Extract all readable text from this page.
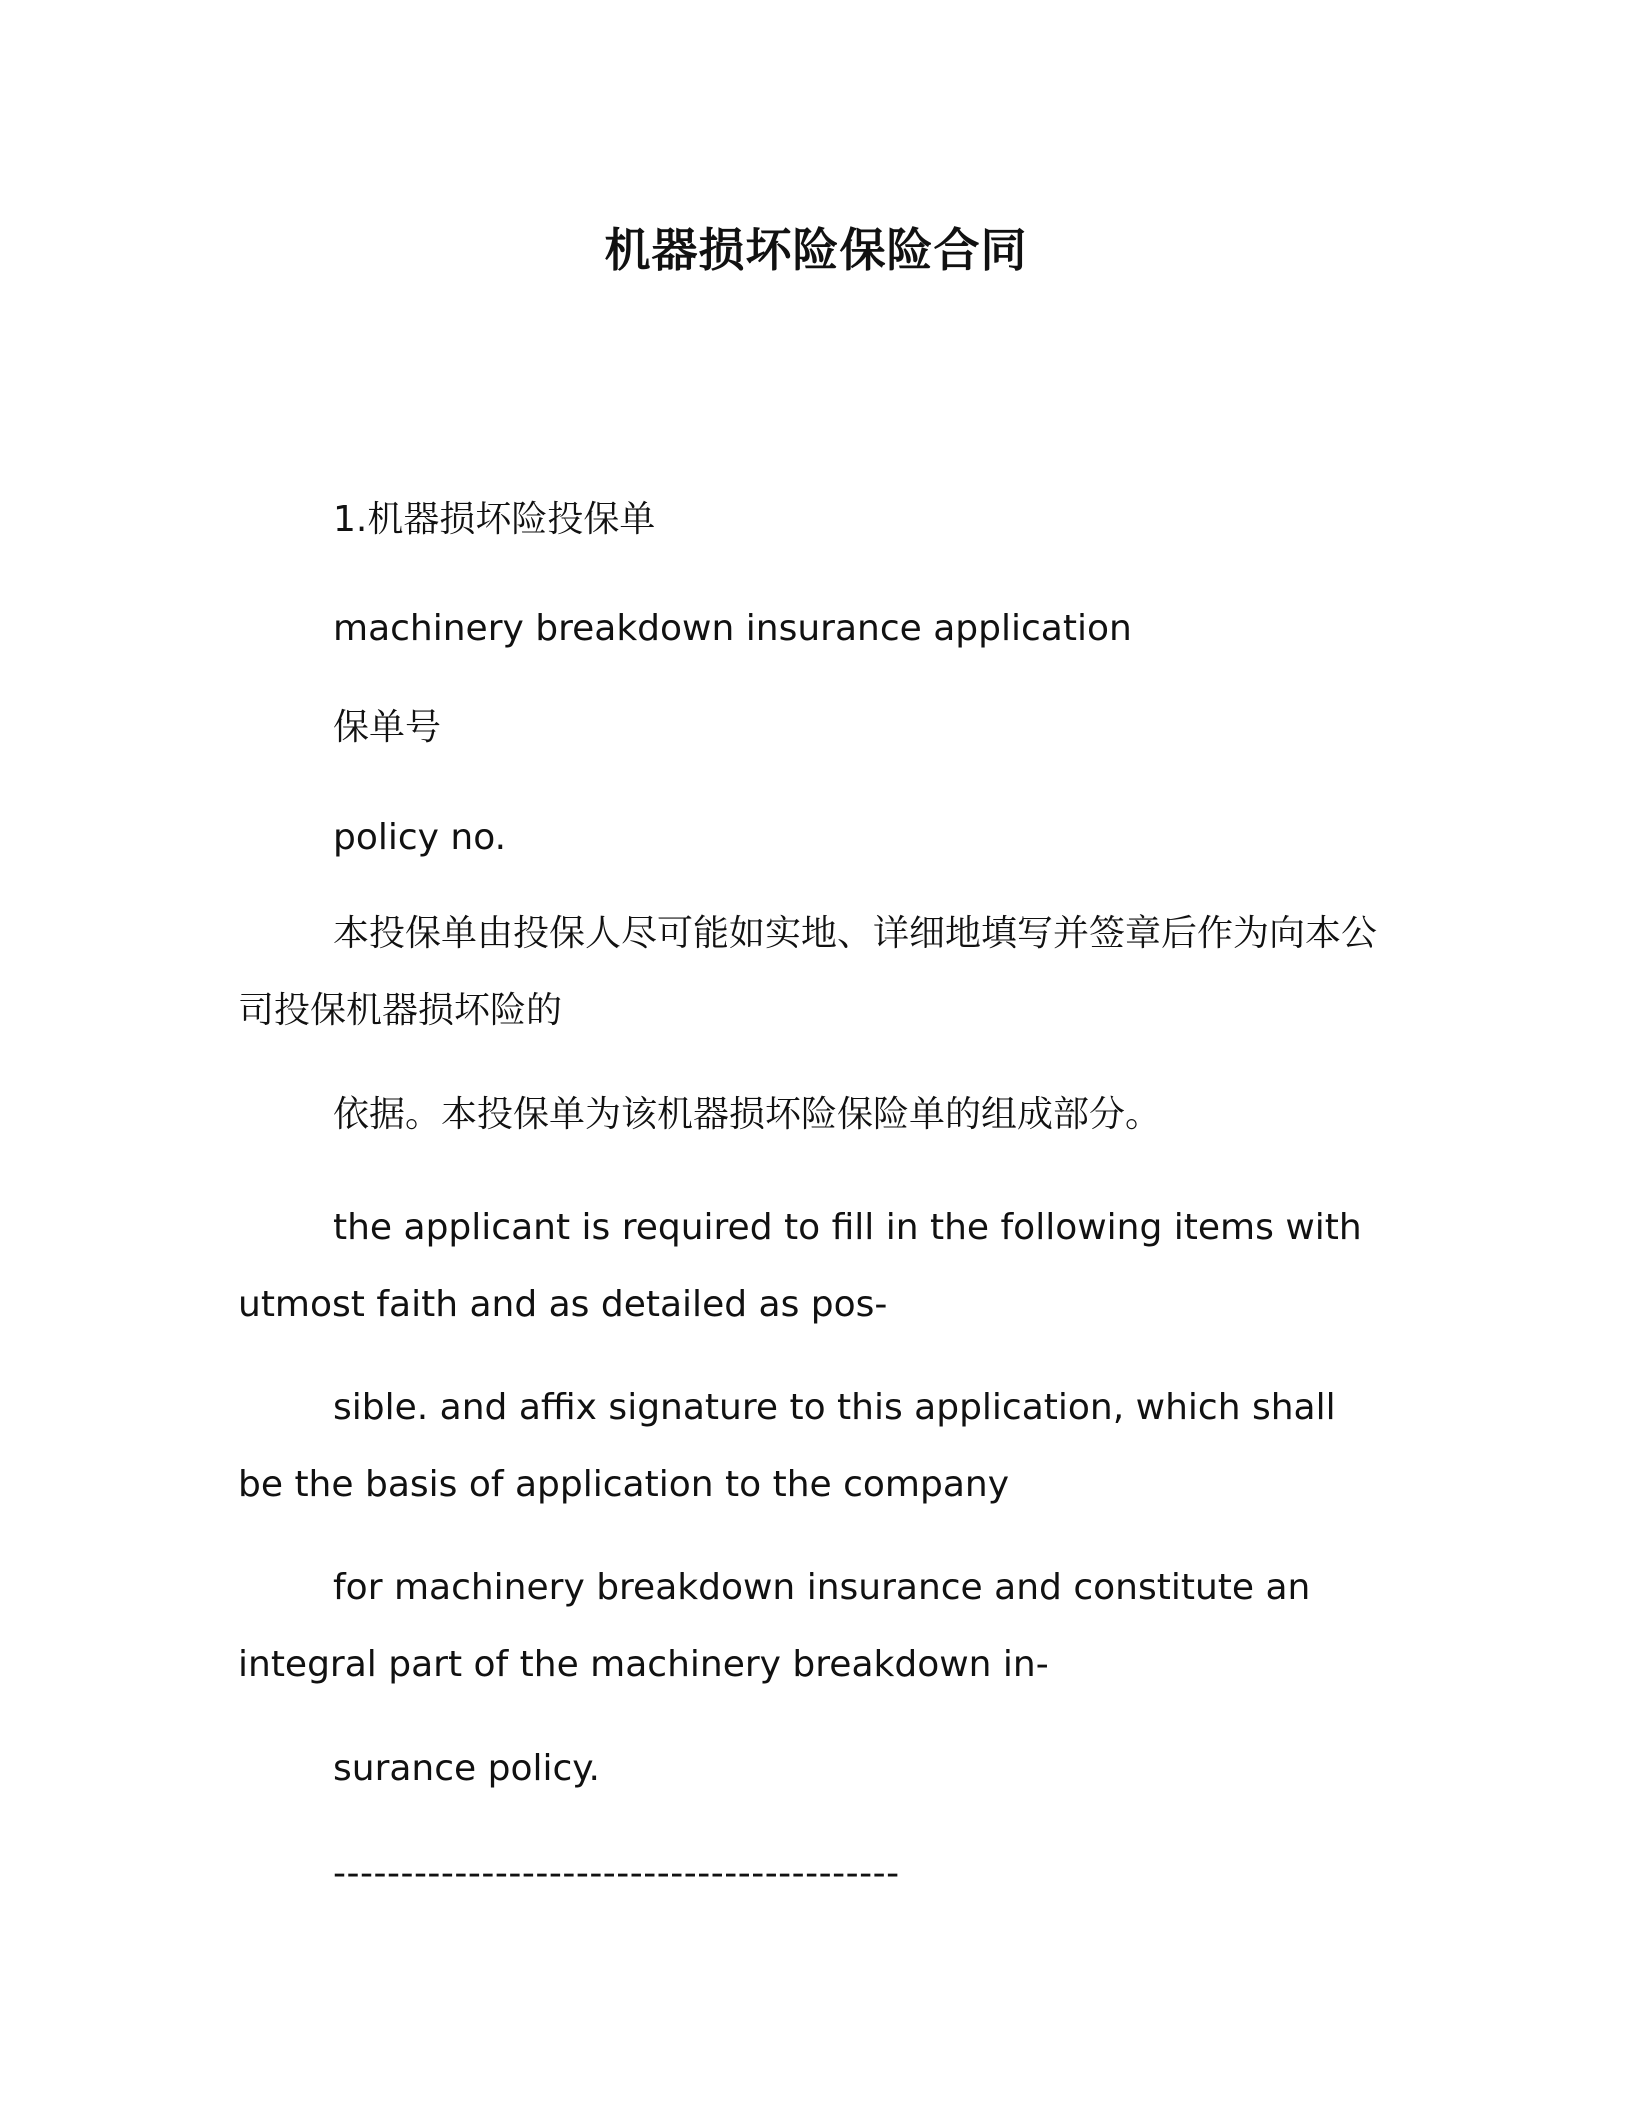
机器损坏险保险合同
1.机器损坏险投保单
machinery breakdown insurance application
保单号
policy no.

本投保单由投保人尽可能如实地、详细地填写并签章后作为向本公司投保机器损坏险的

依据。本投保单为该机器损坏险保险单的组成部分。

the applicant is required to fill in the following items with utmost faith and as detailed as pos-

sible. and affix signature to this application, which shall be the basis of application to the company

for machinery breakdown insurance and constitute an integral part of the machinery breakdown in-

surance policy.
------------------------------------------
